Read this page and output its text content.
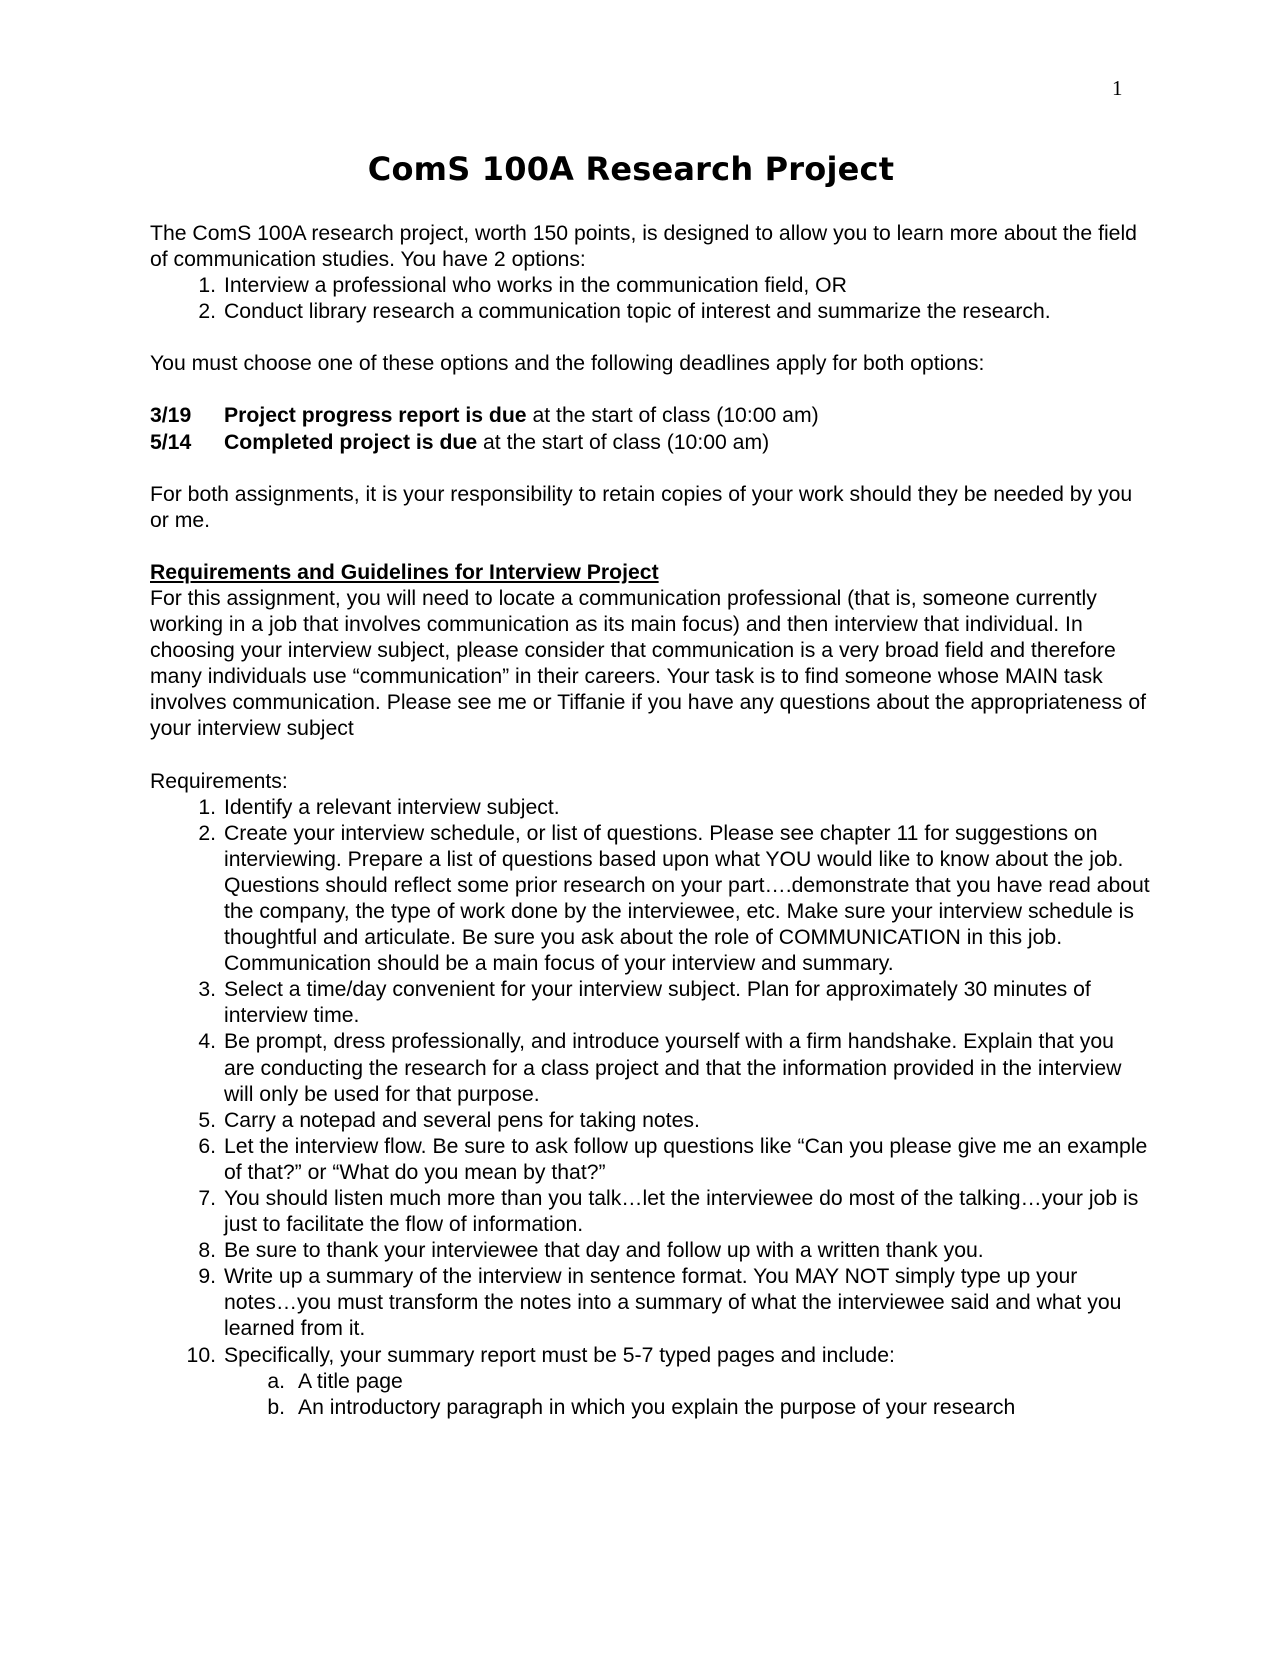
1
ComS 100A Research Project

The ComS 100A research project, worth 150 points, is designed to allow you to learn more about the field of communication studies. You have 2 options:

1. Interview a professional who works in the communication field, OR
2. Conduct library research a communication topic of interest and summarize the research.

You must choose one of these options and the following deadlines apply for both options:

3/19 Project progress report is due at the start of class (10:00 am)
5/14 Completed project is due at the start of class (10:00 am)

For both assignments, it is your responsibility to retain copies of your work should they be needed by you or me.

Requirements and Guidelines for Interview Project

For this assignment, you will need to locate a communication professional (that is, someone currently working in a job that involves communication as its main focus) and then interview that individual. In choosing your interview subject, please consider that communication is a very broad field and therefore many individuals use “communication” in their careers. Your task is to find someone whose MAIN task involves communication. Please see me or Tiffanie if you have any questions about the appropriateness of your interview subject

Requirements:
1. Identify a relevant interview subject.
2. Create your interview schedule, or list of questions. Please see chapter 11 for suggestions on interviewing. Prepare a list of questions based upon what YOU would like to know about the job. Questions should reflect some prior research on your part….demonstrate that you have read about the company, the type of work done by the interviewee, etc. Make sure your interview schedule is thoughtful and articulate. Be sure you ask about the role of COMMUNICATION in this job. Communication should be a main focus of your interview and summary.
3. Select a time/day convenient for your interview subject. Plan for approximately 30 minutes of interview time.
4. Be prompt, dress professionally, and introduce yourself with a firm handshake. Explain that you are conducting the research for a class project and that the information provided in the interview will only be used for that purpose.
5. Carry a notepad and several pens for taking notes.
6. Let the interview flow. Be sure to ask follow up questions like “Can you please give me an example of that?” or “What do you mean by that?”
7. You should listen much more than you talk…let the interviewee do most of the talking…your job is just to facilitate the flow of information.
8. Be sure to thank your interviewee that day and follow up with a written thank you.
9. Write up a summary of the interview in sentence format. You MAY NOT simply type up your notes…you must transform the notes into a summary of what the interviewee said and what you learned from it.
10. Specifically, your summary report must be 5-7 typed pages and include:
a. A title page
b. An introductory paragraph in which you explain the purpose of your research
